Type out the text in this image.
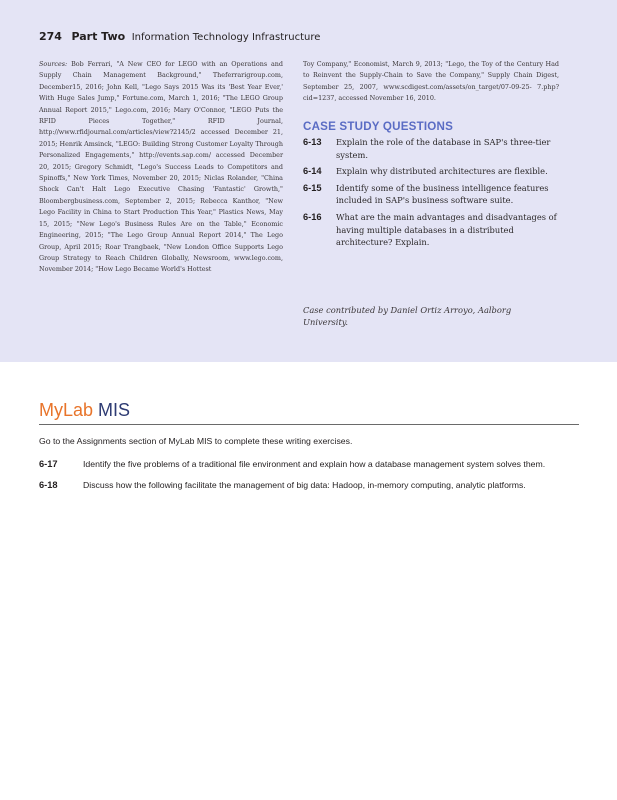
274 Part Two Information Technology Infrastructure
Sources: Bob Ferrari, "A New CEO for LEGO with an Operations and Supply Chain Management Background," Theferrarigroup.com, December15, 2016; John Kell, "Lego Says 2015 Was its 'Best Year Ever,' With Huge Sales Jump," Fortune.com, March 1, 2016; "The LEGO Group Annual Report 2015," Lego.com, 2016; Mary O'Connor, "LEGO Puts the RFID Pieces Together," RFID Journal, http://www.rfidjournal.com/articles/view?2145/2 accessed December 21, 2015; Henrik Amsinck, "LEGO: Building Strong Customer Loyalty Through Personalized Engagements," http://events.sap.com/ accessed December 20, 2015; Gregory Schmidt, "Lego's Success Leads to Competitors and Spinoffs," New York Times, November 20, 2015; Niclas Rolander, "China Shock Can't Halt Lego Executive Chasing 'Fantastic' Growth," Bloombergbusiness.com, September 2, 2015; Rebecca Kanthor, "New Lego Facility in China to Start Production This Year," Plastics News, May 15, 2015; "New Lego's Business Rules Are on the Table," Economic Engineering, 2015; "The Lego Group Annual Report 2014," The Lego Group, April 2015; Roar Trangbaek, "New London Office Supports Lego Group Strategy to Reach Children Globally, Newsroom, www.lego.com, November 2014; "How Lego Became World's Hottest
Toy Company," Economist, March 9, 2013; "Lego, the Toy of the Century Had to Reinvent the Supply-Chain to Save the Company," Supply Chain Digest, September 25, 2007, www.scdigest.com/assets/on_target/07-09-25- 7.php?cid=1237, accessed November 16, 2010.
CASE STUDY QUESTIONS
6-13 Explain the role of the database in SAP's three-tier system.
6-14 Explain why distributed architectures are flexible.
6-15 Identify some of the business intelligence features included in SAP's business software suite.
6-16 What are the main advantages and disadvantages of having multiple databases in a distributed architecture? Explain.
Case contributed by Daniel Ortiz Arroyo, Aalborg University.
MyLab MIS
Go to the Assignments section of MyLab MIS to complete these writing exercises.
6-17	Identify the five problems of a traditional file environment and explain how a database management system solves them.
6-18	Discuss how the following facilitate the management of big data: Hadoop, in-memory computing, analytic platforms.
